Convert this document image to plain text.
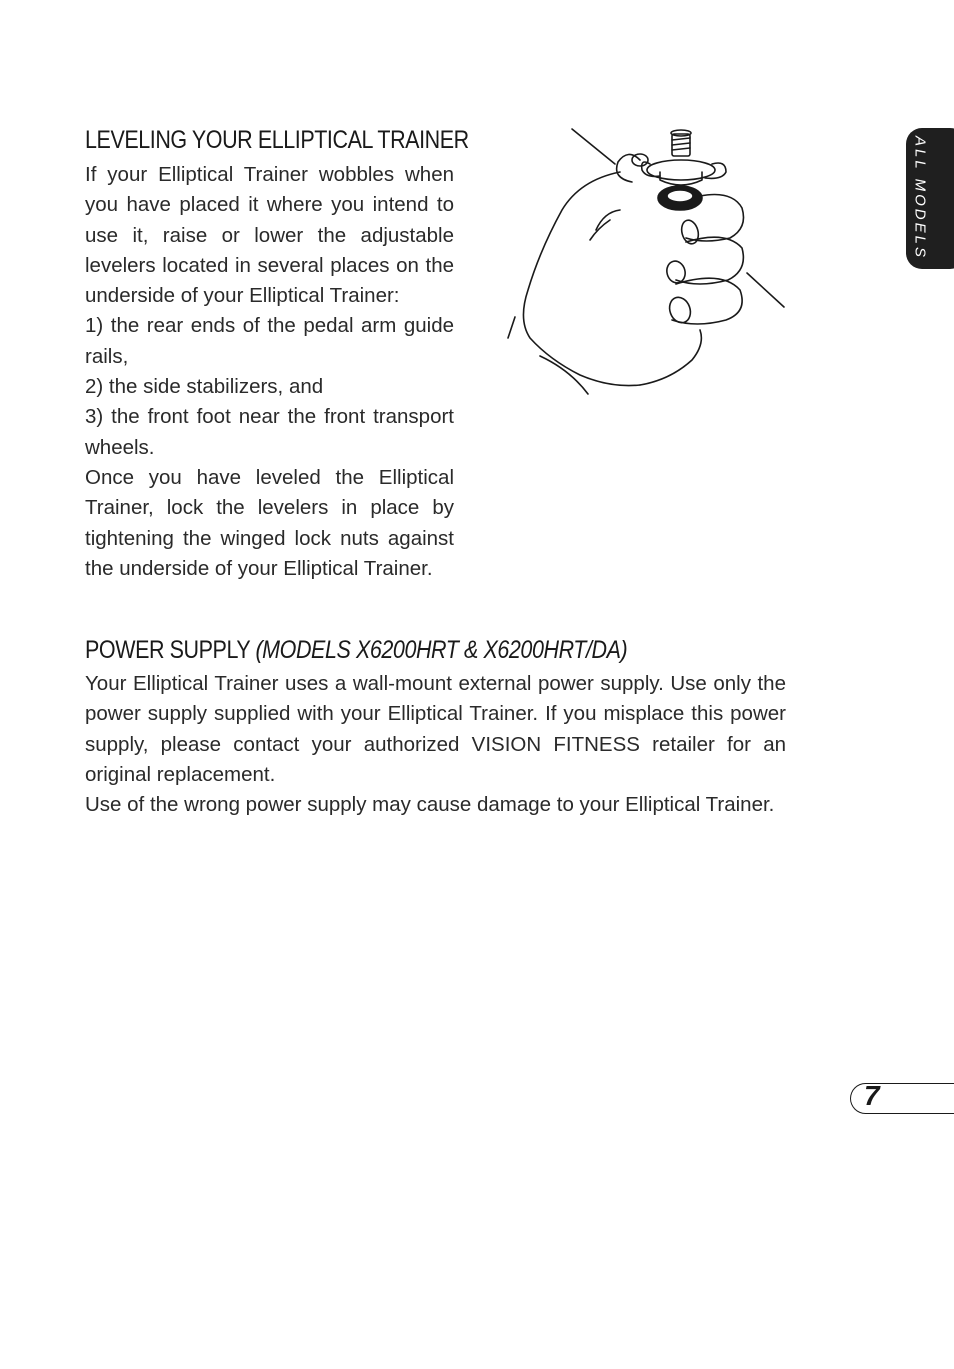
LEVELING YOUR ELLIPTICAL TRAINER

If your Elliptical Trainer wobbles when you have placed it where you intend to use it, raise or lower the adjustable levelers located in several places on the underside of your Elliptical Trainer:

1) the rear ends of the pedal arm guide rails,

2) the side stabilizers, and

3) the front foot near the front transport wheels.

Once you have leveled the Elliptical Trainer, lock the levelers in place by tightening the winged lock nuts against the underside of your Elliptical Trainer.

POWER SUPPLY (MODELS X6200HRT & X6200HRT/DA)

Your Elliptical Trainer uses a wall-mount external power supply. Use only the power supply supplied with your Elliptical Trainer. If you misplace this power supply, please contact your authorized VISION FITNESS retailer for an original replacement.

Use of the wrong power supply may cause damage to your Elliptical Trainer.

ALL MODELS
7
